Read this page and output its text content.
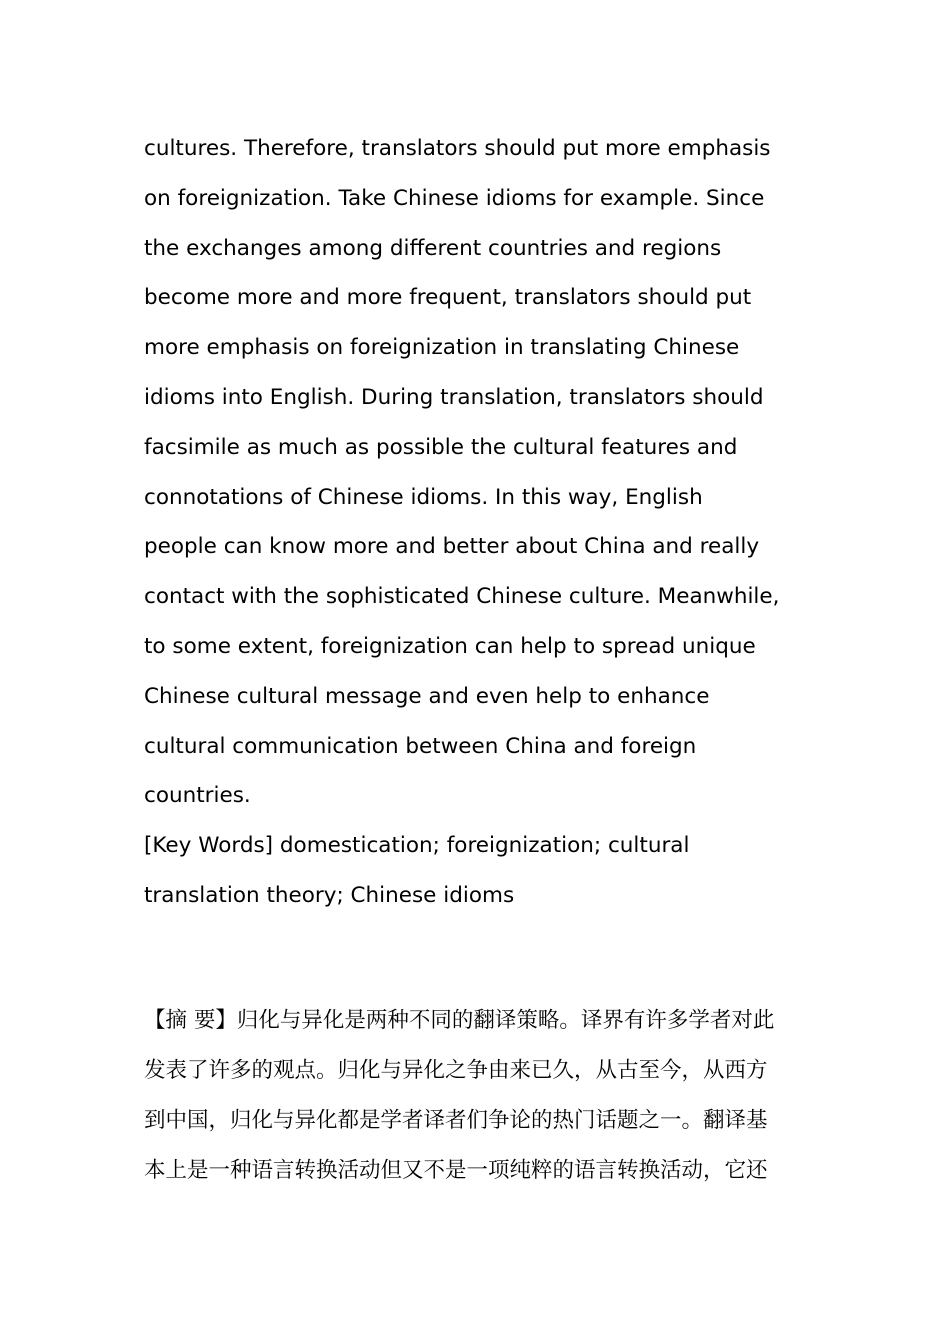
cultures. Therefore, translators should put more emphasis
on foreignization. Take Chinese idioms for example. Since
the exchanges among different countries and regions
become more and more frequent, translators should put
more emphasis on foreignization in translating Chinese
idioms into English. During translation, translators should
facsimile as much as possible the cultural features and
connotations of Chinese idioms. In this way, English
people can know more and better about China and really
contact with the sophisticated Chinese culture. Meanwhile,
to some extent, foreignization can help to spread unique
Chinese cultural message and even help to enhance
cultural communication between China and foreign
countries.
[Key Words] domestication; foreignization; cultural
translation theory; Chinese idioms
【摘 要】归化与异化是两种不同的翻译策略。译界有许多学者对此
发表了许多的观点。归化与异化之争由来已久，从古至今，从西方
到中国，归化与异化都是学者译者们争论的热门话题之一。翻译基
本上是一种语言转换活动但又不是一项纯粹的语言转换活动，它还
